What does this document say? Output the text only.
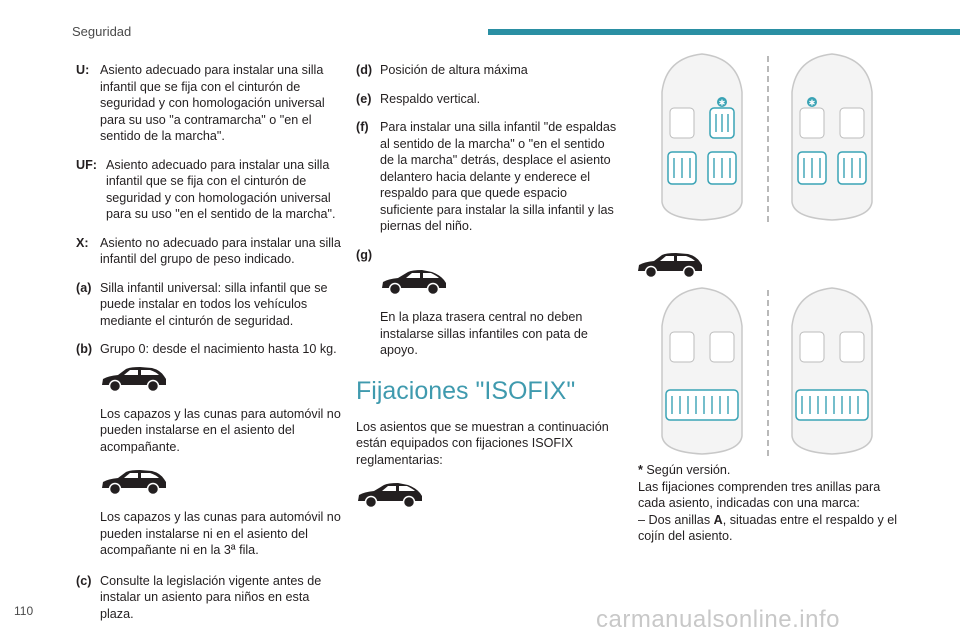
Seguridad
U: Asiento adecuado para instalar una silla infantil que se fija con el cinturón de seguridad y con homologación universal para su uso "a contramarcha" o "en el sentido de la marcha".
UF: Asiento adecuado para instalar una silla infantil que se fija con el cinturón de seguridad y con homologación universal para su uso "en el sentido de la marcha".
X: Asiento no adecuado para instalar una silla infantil del grupo de peso indicado.
(a) Silla infantil universal: silla infantil que se puede instalar en todos los vehículos mediante el cinturón de seguridad.
(b) Grupo 0: desde el nacimiento hasta 10 kg.
Los capazos y las cunas para automóvil no pueden instalarse en el asiento del acompañante.
Los capazos y las cunas para automóvil no pueden instalarse ni en el asiento del acompañante ni en la 3ª fila.
(c) Consulte la legislación vigente antes de instalar un asiento para niños en esta plaza.
(d) Posición de altura máxima
(e) Respaldo vertical.
(f) Para instalar una silla infantil "de espaldas al sentido de la marcha" o "en el sentido de la marcha" detrás, desplace el asiento delantero hacia delante y enderece el respaldo para que quede espacio suficiente para instalar la silla infantil y las piernas del niño.
(g)
En la plaza trasera central no deben instalarse sillas infantiles con pata de apoyo.
Fijaciones "ISOFIX"
Los asientos que se muestran a continuación están equipados con fijaciones ISOFIX reglamentarias:
✱	✱
* Según versión.
Las fijaciones comprenden tres anillas para cada asiento, indicadas con una marca:
– Dos anillas A, situadas entre el respaldo y el cojín del asiento.
110	carmanualsonline.info
